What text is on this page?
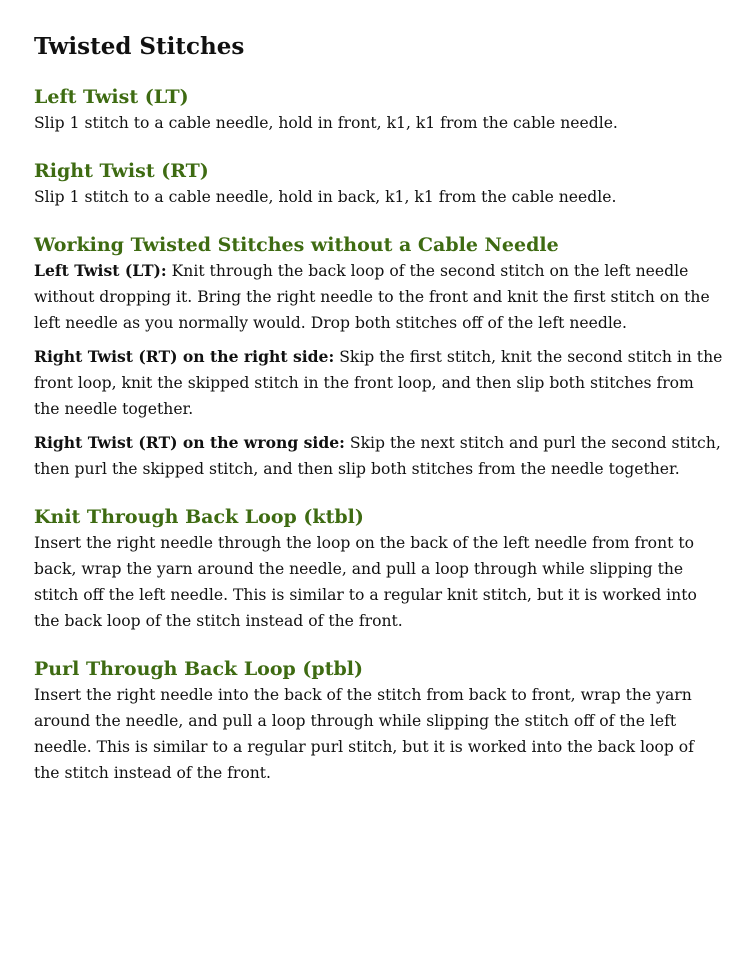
Twisted Stitches
Left Twist (LT)

Slip 1 stitch to a cable needle, hold in front, k1, k1 from the cable needle.

Right Twist (RT)

Slip 1 stitch to a cable needle, hold in back, k1, k1 from the cable needle.

Working Twisted Stitches without a Cable Needle

Left Twist (LT): Knit through the back loop of the second stitch on the left needle without dropping it. Bring the right needle to the front and knit the first stitch on the left needle as you normally would. Drop both stitches off of the left needle.

Right Twist (RT) on the right side: Skip the first stitch, knit the second stitch in the front loop, knit the skipped stitch in the front loop, and then slip both stitches from the needle together.

Right Twist (RT) on the wrong side: Skip the next stitch and purl the second stitch, then purl the skipped stitch, and then slip both stitches from the needle together.

Knit Through Back Loop (ktbl)

Insert the right needle through the loop on the back of the left needle from front to back, wrap the yarn around the needle, and pull a loop through while slipping the stitch off the left needle. This is similar to a regular knit stitch, but it is worked into the back loop of the stitch instead of the front.

Purl Through Back Loop (ptbl)

Insert the right needle into the back of the stitch from back to front, wrap the yarn around the needle, and pull a loop through while slipping the stitch off of the left needle. This is similar to a regular purl stitch, but it is worked into the back loop of the stitch instead of the front.
